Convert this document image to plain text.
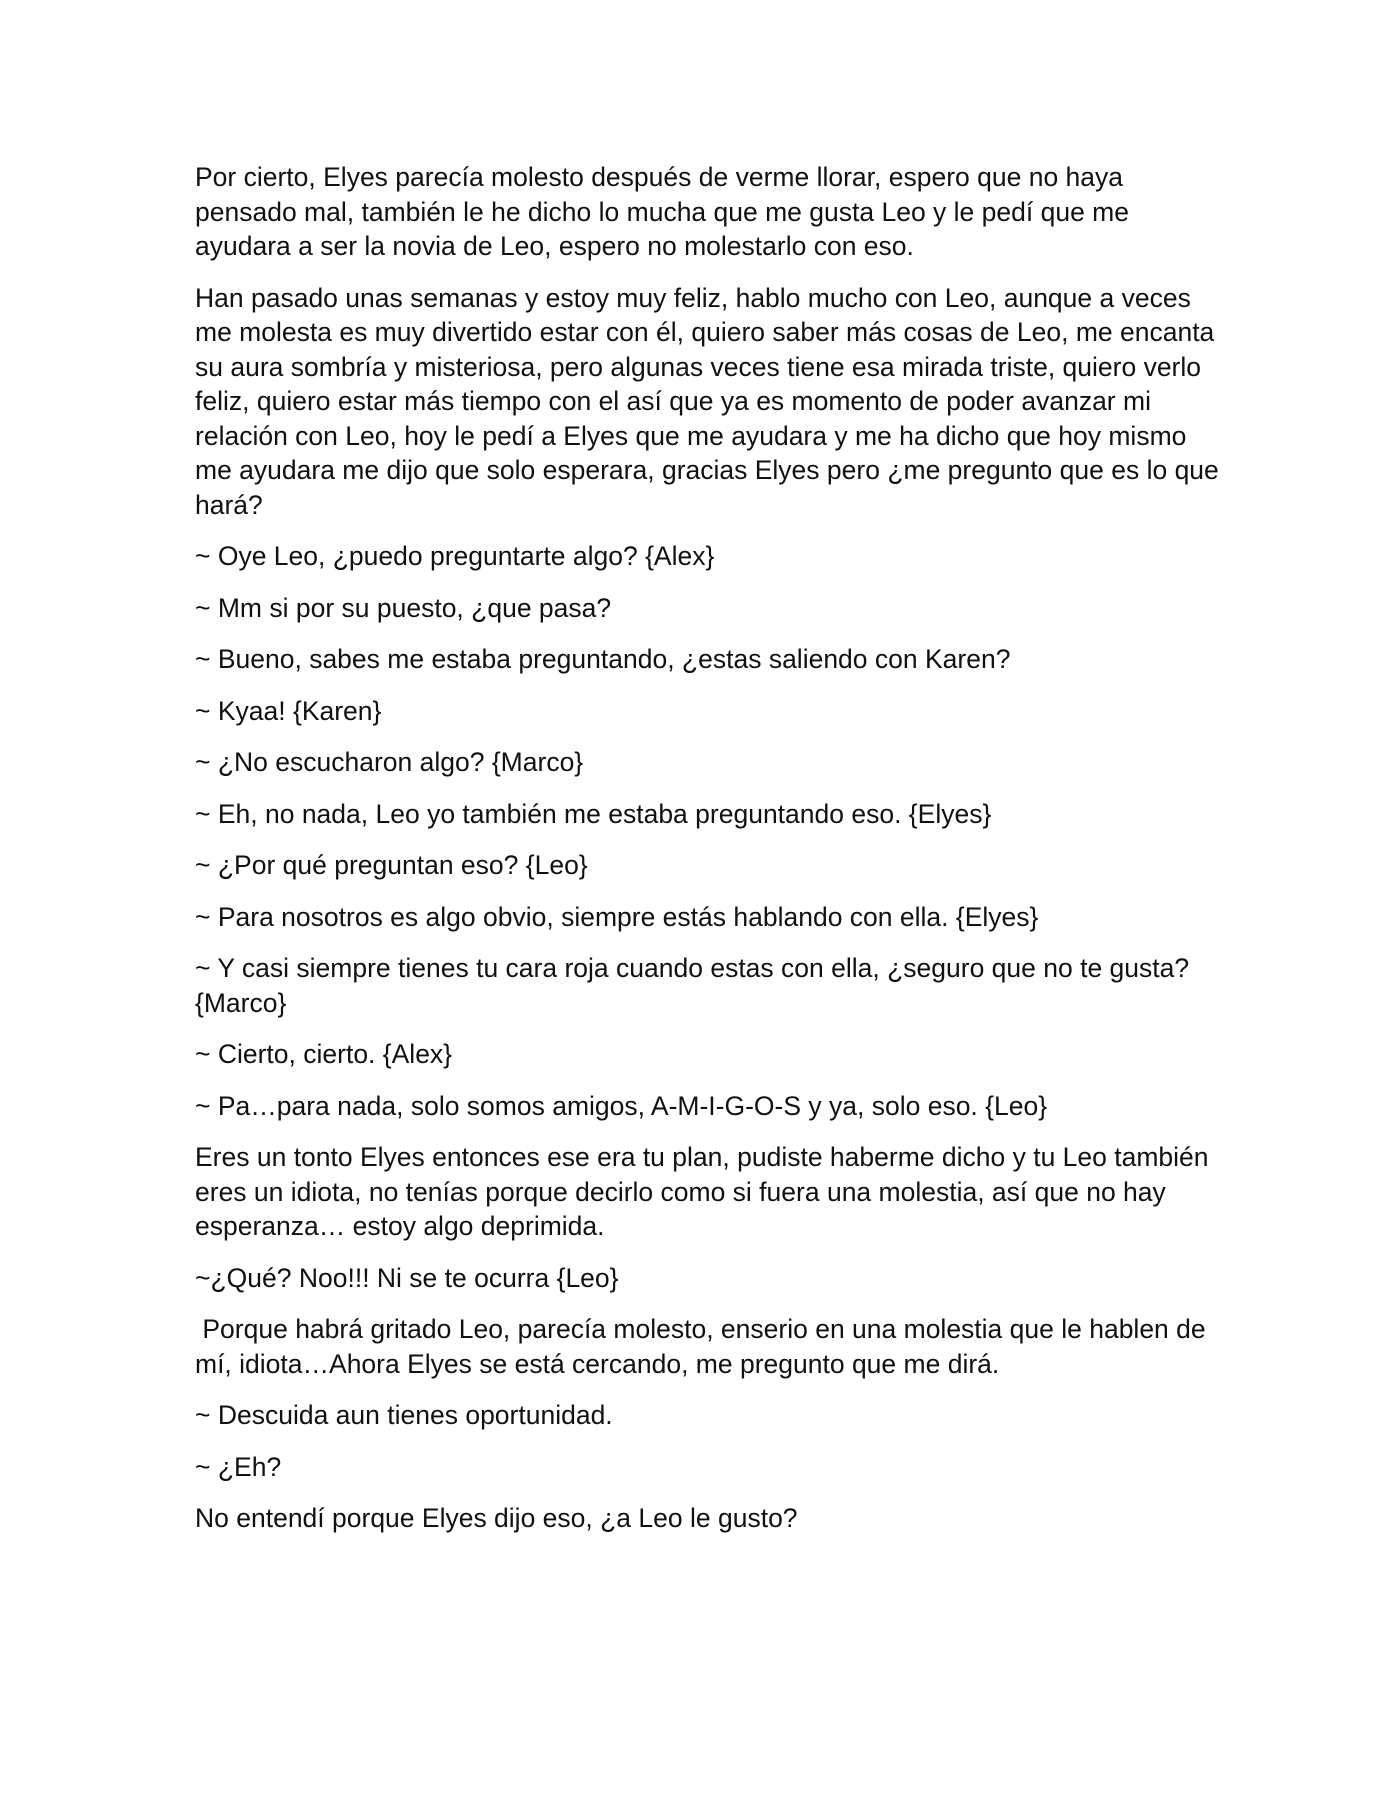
Por cierto, Elyes parecía molesto después de verme llorar, espero que no haya pensado mal, también le he dicho lo mucha que me gusta Leo y le pedí que me ayudara a ser la novia de Leo, espero no molestarlo con eso.

Han pasado unas semanas y estoy muy feliz, hablo mucho con Leo, aunque a veces me molesta es muy divertido estar con él, quiero saber más cosas de Leo, me encanta su aura sombría y misteriosa, pero algunas veces tiene esa mirada triste, quiero verlo feliz, quiero estar más tiempo con el así que ya es momento de poder avanzar mi relación con Leo, hoy le pedí a Elyes que me ayudara y me ha dicho que hoy mismo me ayudara me dijo que solo esperara, gracias Elyes pero ¿me pregunto que es lo que hará?

~ Oye Leo, ¿puedo preguntarte algo? {Alex}

~ Mm si por su puesto, ¿que pasa?

~ Bueno, sabes me estaba preguntando, ¿estas saliendo con Karen?

~ Kyaa! {Karen}

~ ¿No escucharon algo? {Marco}

~ Eh, no nada, Leo yo también me estaba preguntando eso. {Elyes}

~ ¿Por qué preguntan eso? {Leo}

~ Para nosotros es algo obvio, siempre estás hablando con ella. {Elyes}

~ Y casi siempre tienes tu cara roja cuando estas con ella, ¿seguro que no te gusta? {Marco}

~ Cierto, cierto. {Alex}

~ Pa…para nada, solo somos amigos, A-M-I-G-O-S y ya, solo eso. {Leo}

Eres un tonto Elyes entonces ese era tu plan, pudiste haberme dicho y tu Leo también eres un idiota, no tenías porque decirlo como si fuera una molestia, así que no hay esperanza… estoy algo deprimida.

~¿Qué? Noo!!! Ni se te ocurra {Leo}

Porque habrá gritado Leo, parecía molesto, enserio en una molestia que le hablen de mí, idiota…Ahora Elyes se está cercando, me pregunto que me dirá.

~ Descuida aun tienes oportunidad.

~ ¿Eh?

No entendí porque Elyes dijo eso, ¿a Leo le gusto?
